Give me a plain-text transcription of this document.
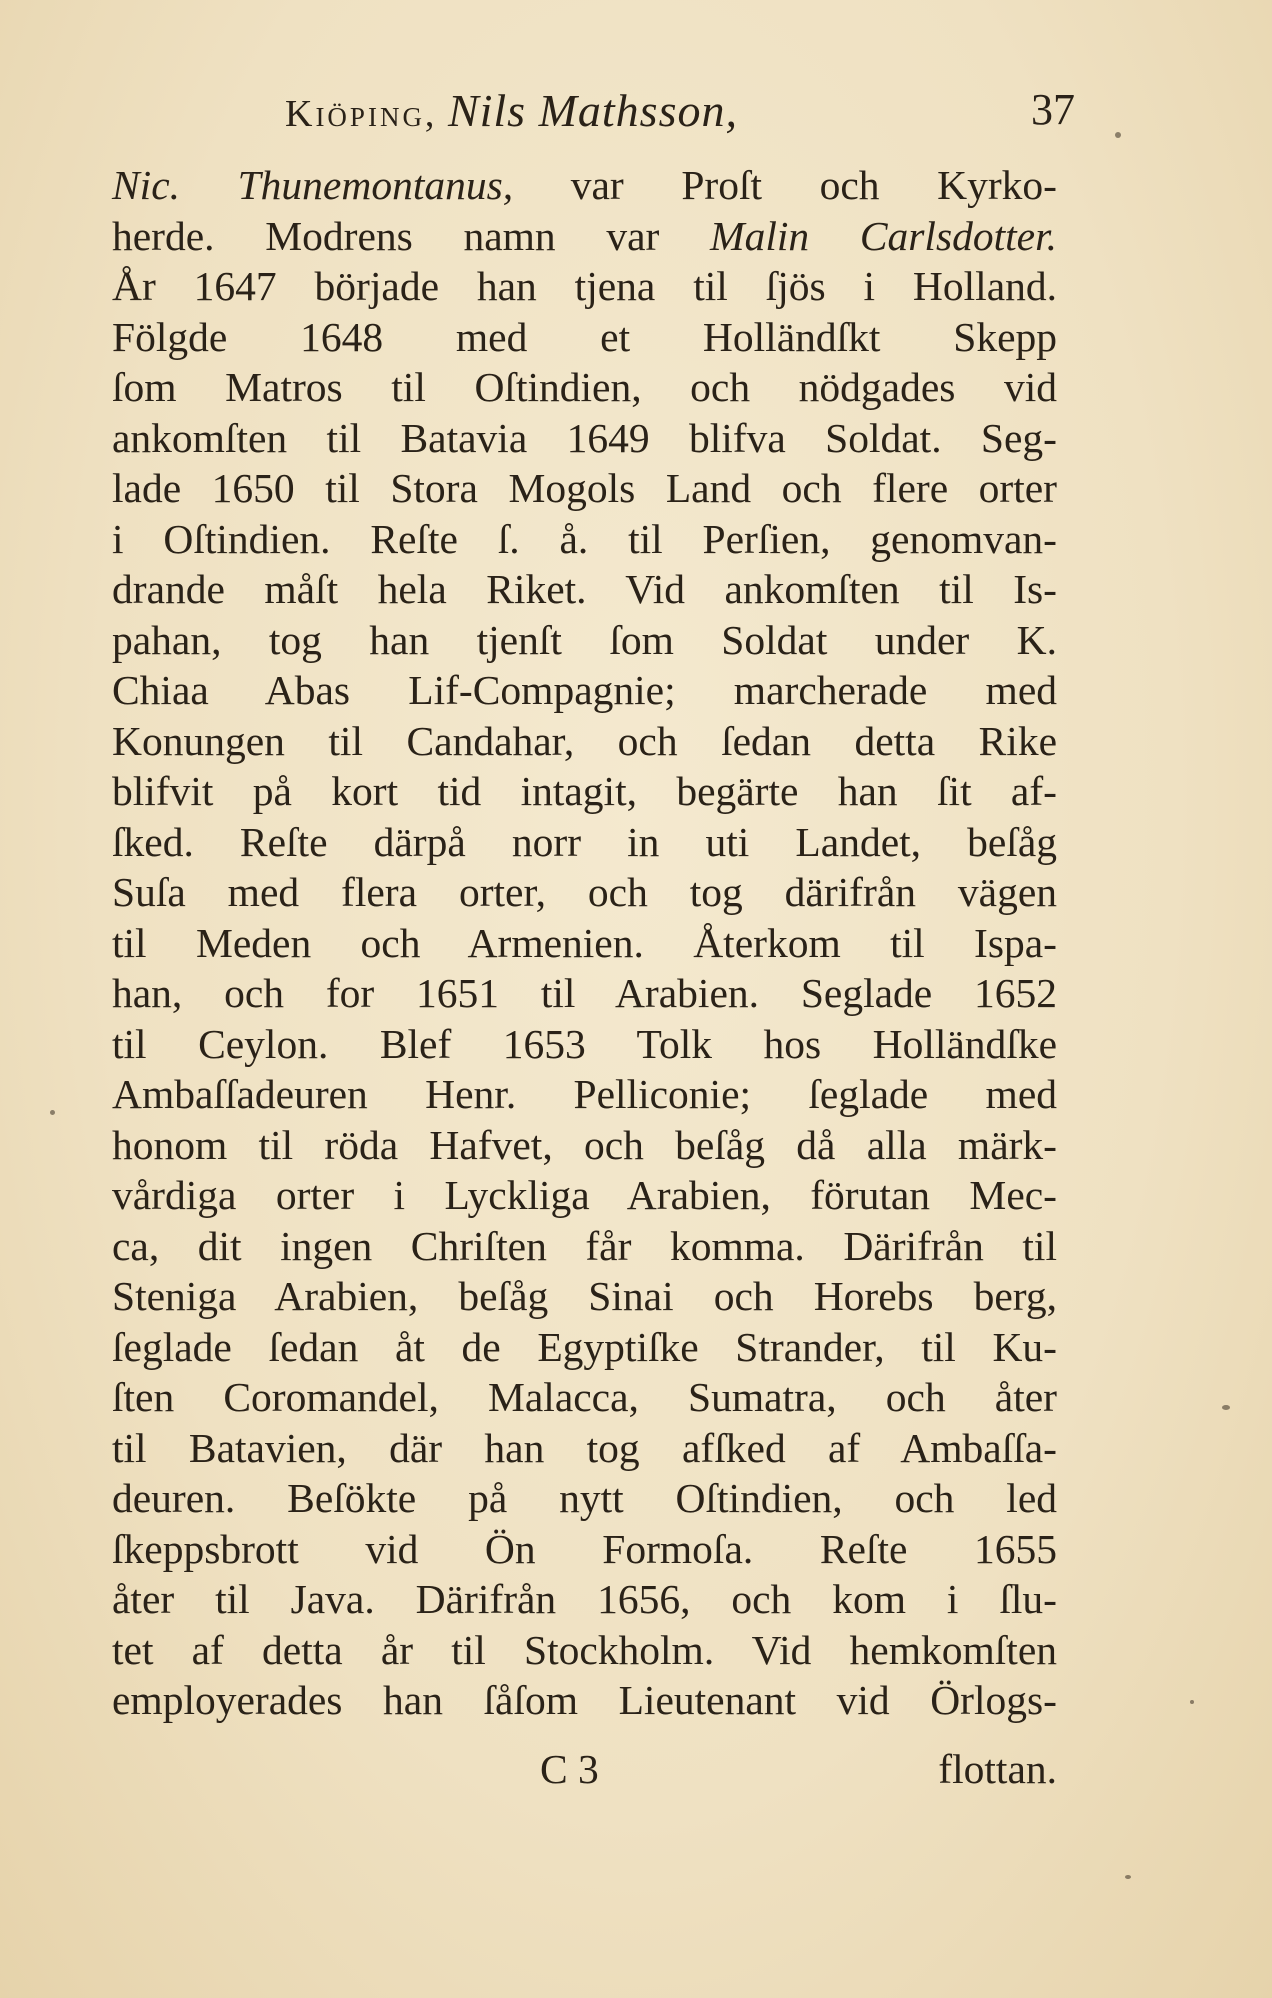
Kiöping, Nils Mathsson,	37
Nic. Thunemontanus, var Proſt och Kyrko-
herde. Modrens namn var Malin Carlsdotter.
År 1647 började han tjena til ſjös i Holland.
Fölgde 1648 med et Holländſkt Skepp
ſom Matros til Oſtindien, och nödgades vid
ankomſten til Batavia 1649 blifva Soldat. Seg-
lade 1650 til Stora Mogols Land och flere orter
i Oſtindien. Reſte ſ. å. til Perſien, genomvan-
drande måſt hela Riket. Vid ankomſten til Is-
pahan, tog han tjenſt ſom Soldat under K.
Chiaa Abas Lif-Compagnie; marcherade med
Konungen til Candahar, och ſedan detta Rike
blifvit på kort tid intagit, begärte han ſit af-
ſked. Reſte därpå norr in uti Landet, beſåg
Suſa med flera orter, och tog därifrån vägen
til Meden och Armenien. Återkom til Ispa-
han, och for 1651 til Arabien. Seglade 1652
til Ceylon. Blef 1653 Tolk hos Holländſke
Ambaſſadeuren Henr. Pelliconie; ſeglade med
honom til röda Hafvet, och beſåg då alla märk-
vårdiga orter i Lyckliga Arabien, förutan Mec-
ca, dit ingen Chriſten får komma. Därifrån til
Steniga Arabien, beſåg Sinai och Horebs berg,
ſeglade ſedan åt de Egyptiſke Strander, til Ku-
ſten Coromandel, Malacca, Sumatra, och åter
til Batavien, där han tog afſked af Ambaſſa-
deuren. Beſökte på nytt Oſtindien, och led
ſkeppsbrott vid Ön Formoſa. Reſte 1655
åter til Java. Därifrån 1656, och kom i ſlu-
tet af detta år til Stockholm. Vid hemkomſten
employerades han ſåſom Lieutenant vid Örlogs-
C 3	flottan.
